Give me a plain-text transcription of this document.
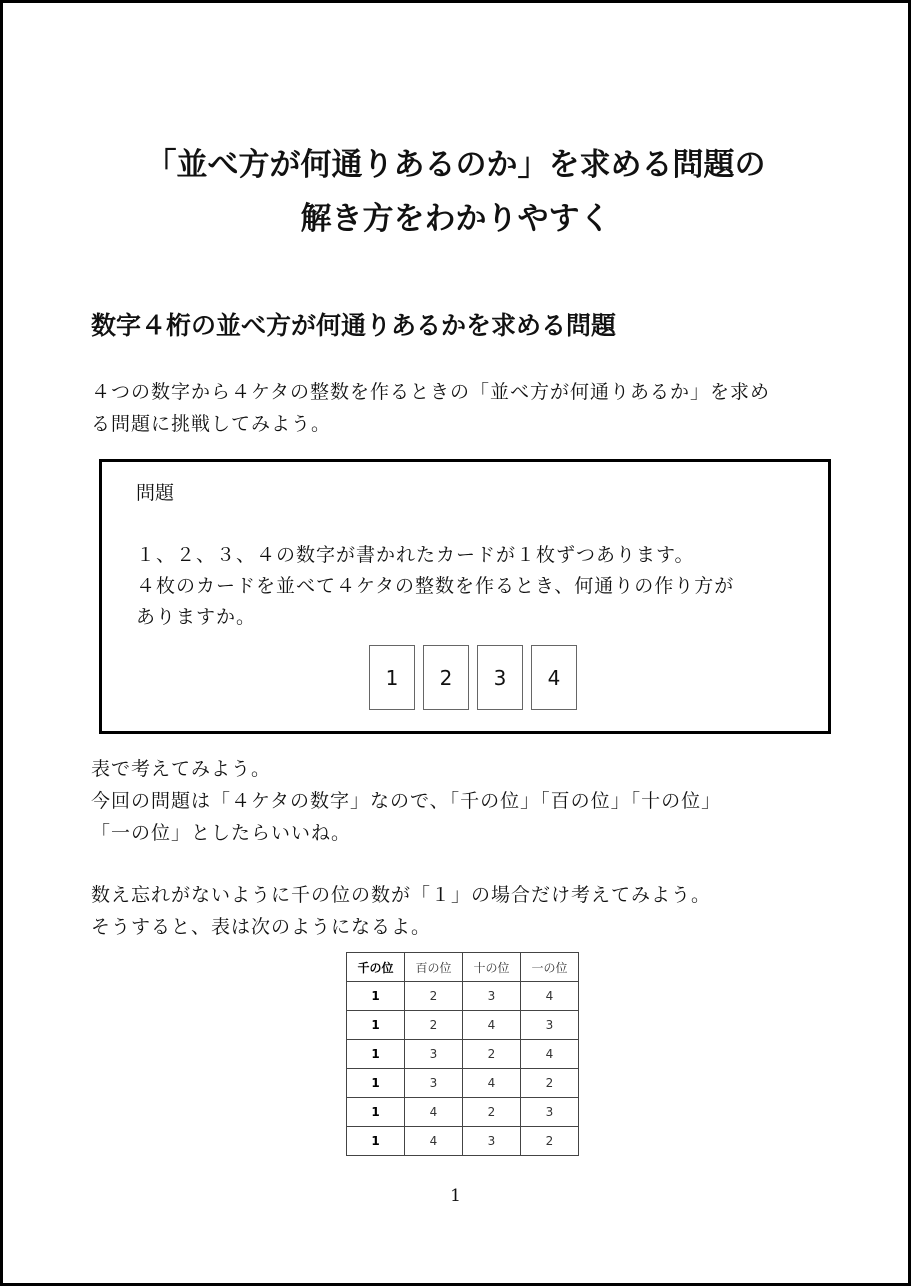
「並べ方が何通りあるのか」を求める問題の
解き方をわかりやすく
数字４桁の並べ方が何通りあるかを求める問題
４つの数字から４ケタの整数を作るときの「並べ方が何通りあるか」を求め
る問題に挑戦してみよう。
問題
１、２、３、４の数字が書かれたカードが１枚ずつあります。
４枚のカードを並べて４ケタの整数を作るとき、何通りの作り方が
ありますか。
1	2	3	4
表で考えてみよう。
今回の問題は「４ケタの数字」なので、「千の位」「百の位」「十の位」
「一の位」としたらいいね。
数え忘れがないように千の位の数が「１」の場合だけ考えてみよう。
そうすると、表は次のようになるよ。
千の位	百の位	十の位	一の位
1	2	3	4
1	2	4	3
1	3	2	4
1	3	4	2
1	4	2	3
1	4	3	2
1
